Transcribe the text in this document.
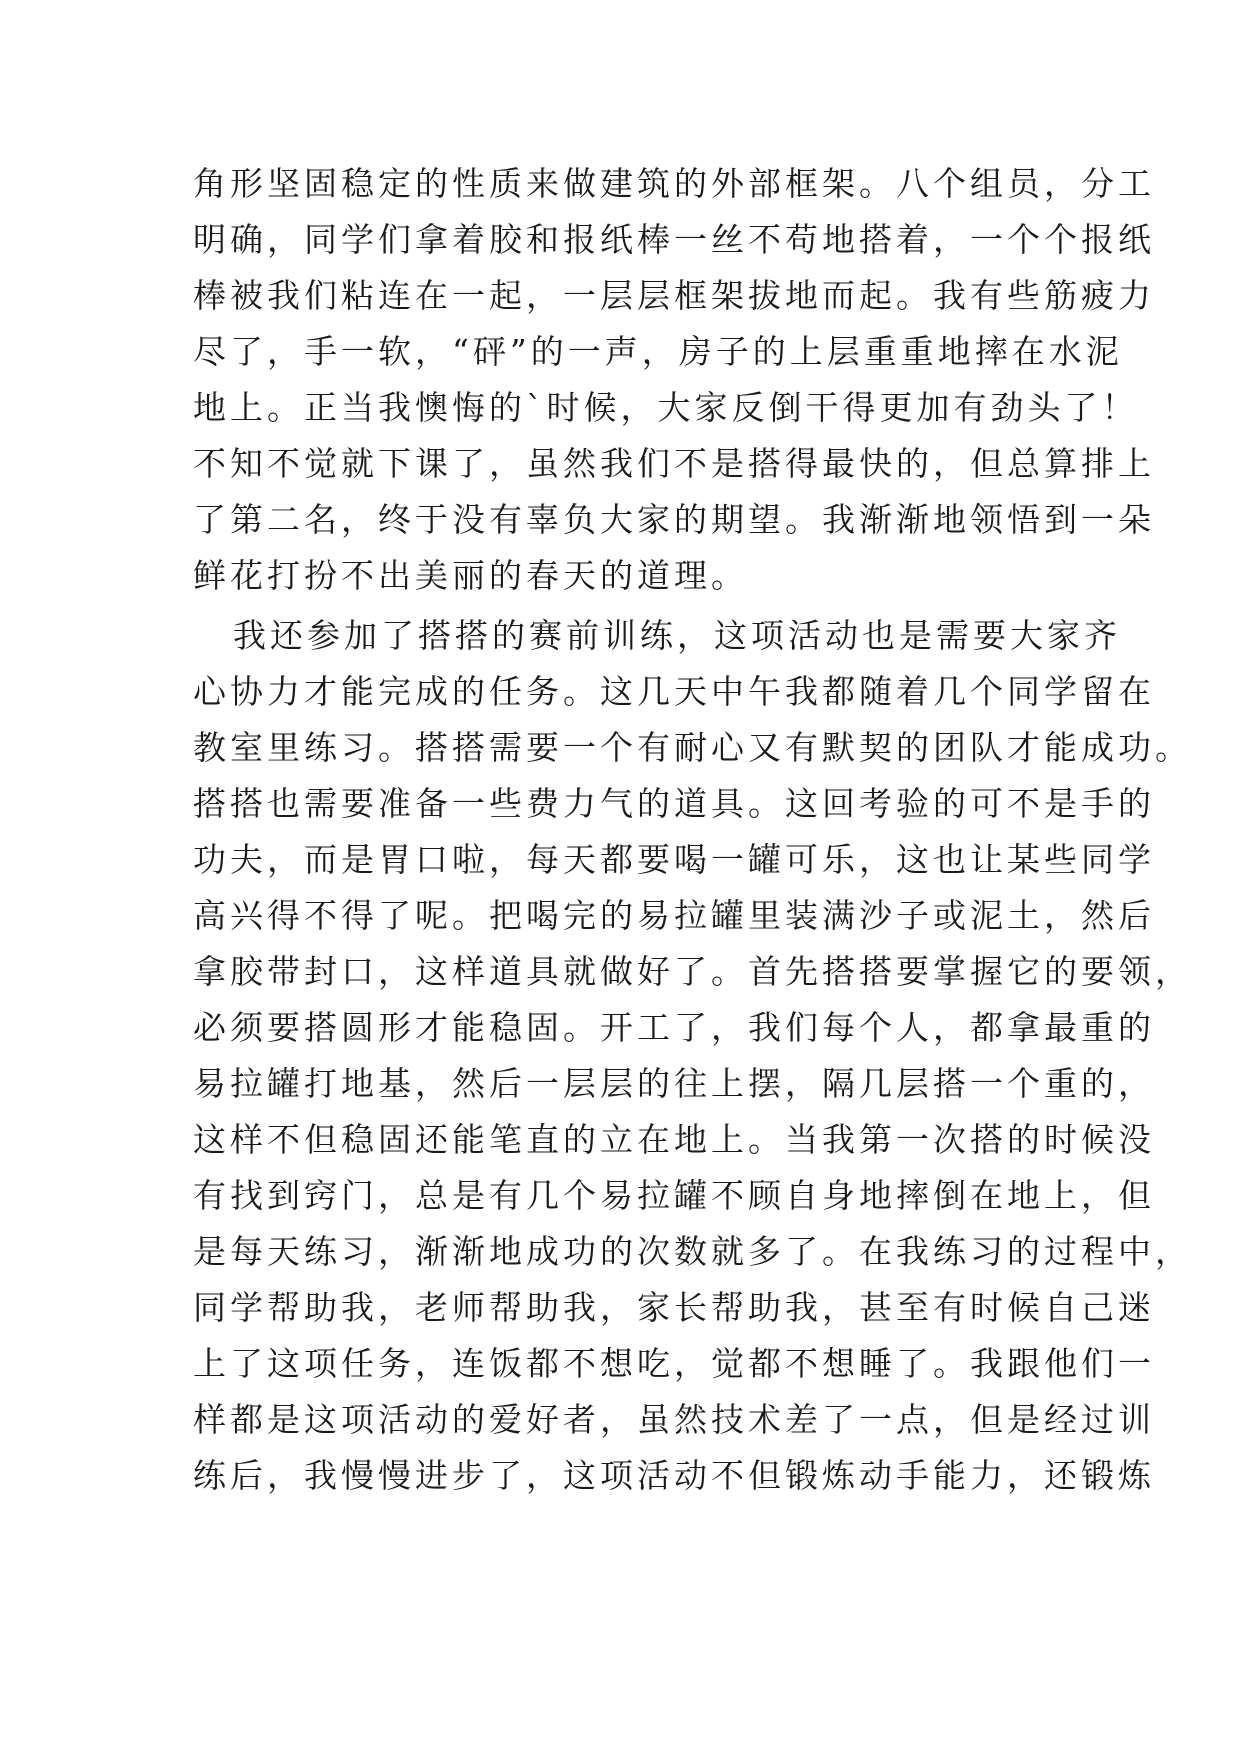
角形坚固稳定的性质来做建筑的外部框架。八个组员，分工
明确，同学们拿着胶和报纸棒一丝不苟地搭着，一个个报纸
棒被我们粘连在一起，一层层框架拔地而起。我有些筋疲力
尽了，手一软，“砰”的一声，房子的上层重重地摔在水泥
地上。正当我懊悔的`时候，大家反倒干得更加有劲头了！
不知不觉就下课了，虽然我们不是搭得最快的，但总算排上
了第二名，终于没有辜负大家的期望。我渐渐地领悟到一朵
鲜花打扮不出美丽的春天的道理。
我还参加了搭搭的赛前训练，这项活动也是需要大家齐
心协力才能完成的任务。这几天中午我都随着几个同学留在
教室里练习。搭搭需要一个有耐心又有默契的团队才能成功。
搭搭也需要准备一些费力气的道具。这回考验的可不是手的
功夫，而是胃口啦，每天都要喝一罐可乐，这也让某些同学
高兴得不得了呢。把喝完的易拉罐里装满沙子或泥土，然后
拿胶带封口，这样道具就做好了。首先搭搭要掌握它的要领，
必须要搭圆形才能稳固。开工了，我们每个人，都拿最重的
易拉罐打地基，然后一层层的往上摆，隔几层搭一个重的，
这样不但稳固还能笔直的立在地上。当我第一次搭的时候没
有找到窍门，总是有几个易拉罐不顾自身地摔倒在地上，但
是每天练习，渐渐地成功的次数就多了。在我练习的过程中，
同学帮助我，老师帮助我，家长帮助我，甚至有时候自己迷
上了这项任务，连饭都不想吃，觉都不想睡了。我跟他们一
样都是这项活动的爱好者，虽然技术差了一点，但是经过训
练后，我慢慢进步了，这项活动不但锻炼动手能力，还锻炼
